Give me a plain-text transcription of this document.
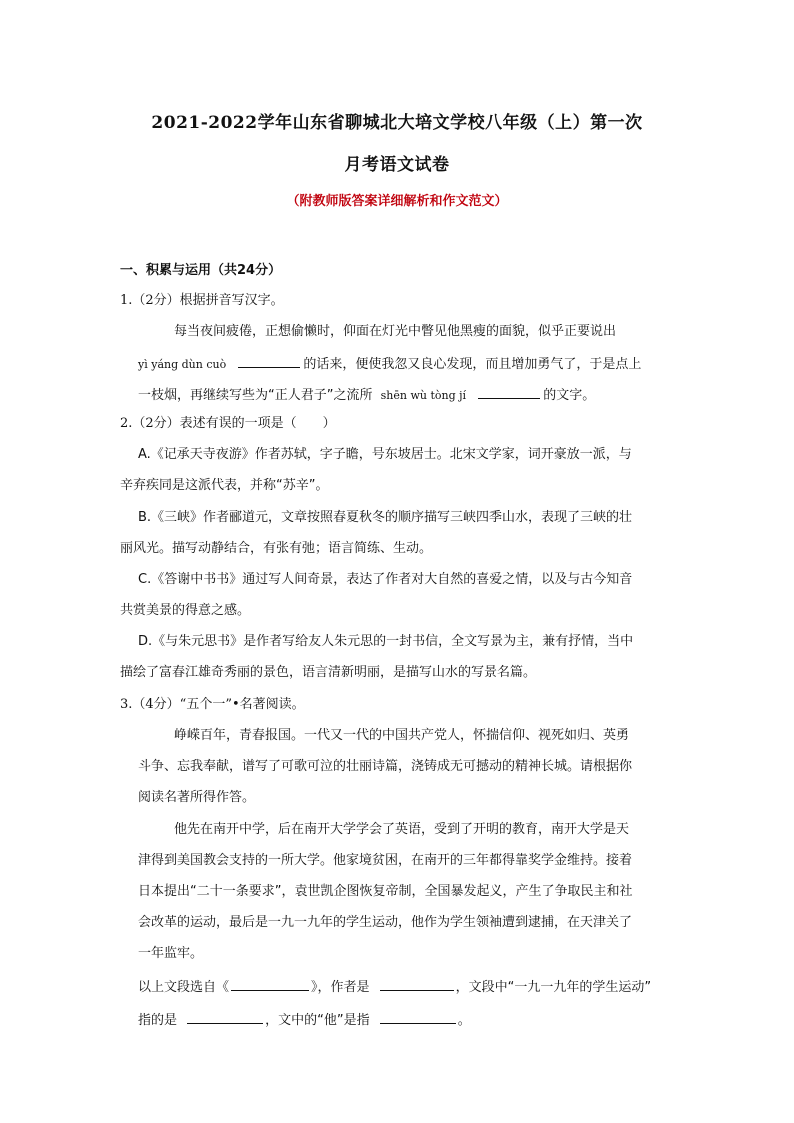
2021-2022学年山东省聊城北大培文学校八年级（上）第一次
月考语文试卷
（附教师版答案详细解析和作文范文）
一、积累与运用（共24分）
1.（2分）根据拼音写汉字。
每当夜间疲倦，正想偷懒时，仰面在灯光中瞥见他黑瘦的面貌，似乎正要说出
yì yáng dùn cuò	的话来，便使我忽又良心发现，而且增加勇气了，于是点上
一枝烟，再继续写些为“正人君子”之流所 shēn wù tòng jí	的文字。
2.（2分）表述有误的一项是（　　）
A.《记承天寺夜游》作者苏轼，字子瞻，号东坡居士。北宋文学家，词开豪放一派，与
辛弃疾同是这派代表，并称“苏辛”。
B.《三峡》作者郦道元，文章按照春夏秋冬的顺序描写三峡四季山水，表现了三峡的壮
丽风光。描写动静结合，有张有弛；语言简练、生动。
C.《答谢中书书》通过写人间奇景，表达了作者对大自然的喜爱之情，以及与古今知音
共赏美景的得意之感。
D.《与朱元思书》是作者写给友人朱元思的一封书信，全文写景为主，兼有抒情，当中
描绘了富春江雄奇秀丽的景色，语言清新明丽，是描写山水的写景名篇。
3.（4分）“五个一”•名著阅读。
峥嵘百年，青春报国。一代又一代的中国共产党人，怀揣信仰、视死如归、英勇
斗争、忘我奉献，谱写了可歌可泣的壮丽诗篇，浇铸成无可撼动的精神长城。请根据你
阅读名著所得作答。
他先在南开中学，后在南开大学学会了英语，受到了开明的教育，南开大学是天
津得到美国教会支持的一所大学。他家境贫困，在南开的三年都得靠奖学金维持。接着
日本提出“二十一条要求”，袁世凯企图恢复帝制，全国暴发起义，产生了争取民主和社
会改革的运动，最后是一九一九年的学生运动，他作为学生领袖遭到逮捕，在天津关了
一年监牢。
以上文段选自《	》，作者是	，文段中“一九一九年的学生运动”
指的是	，文中的“他”是指	。
